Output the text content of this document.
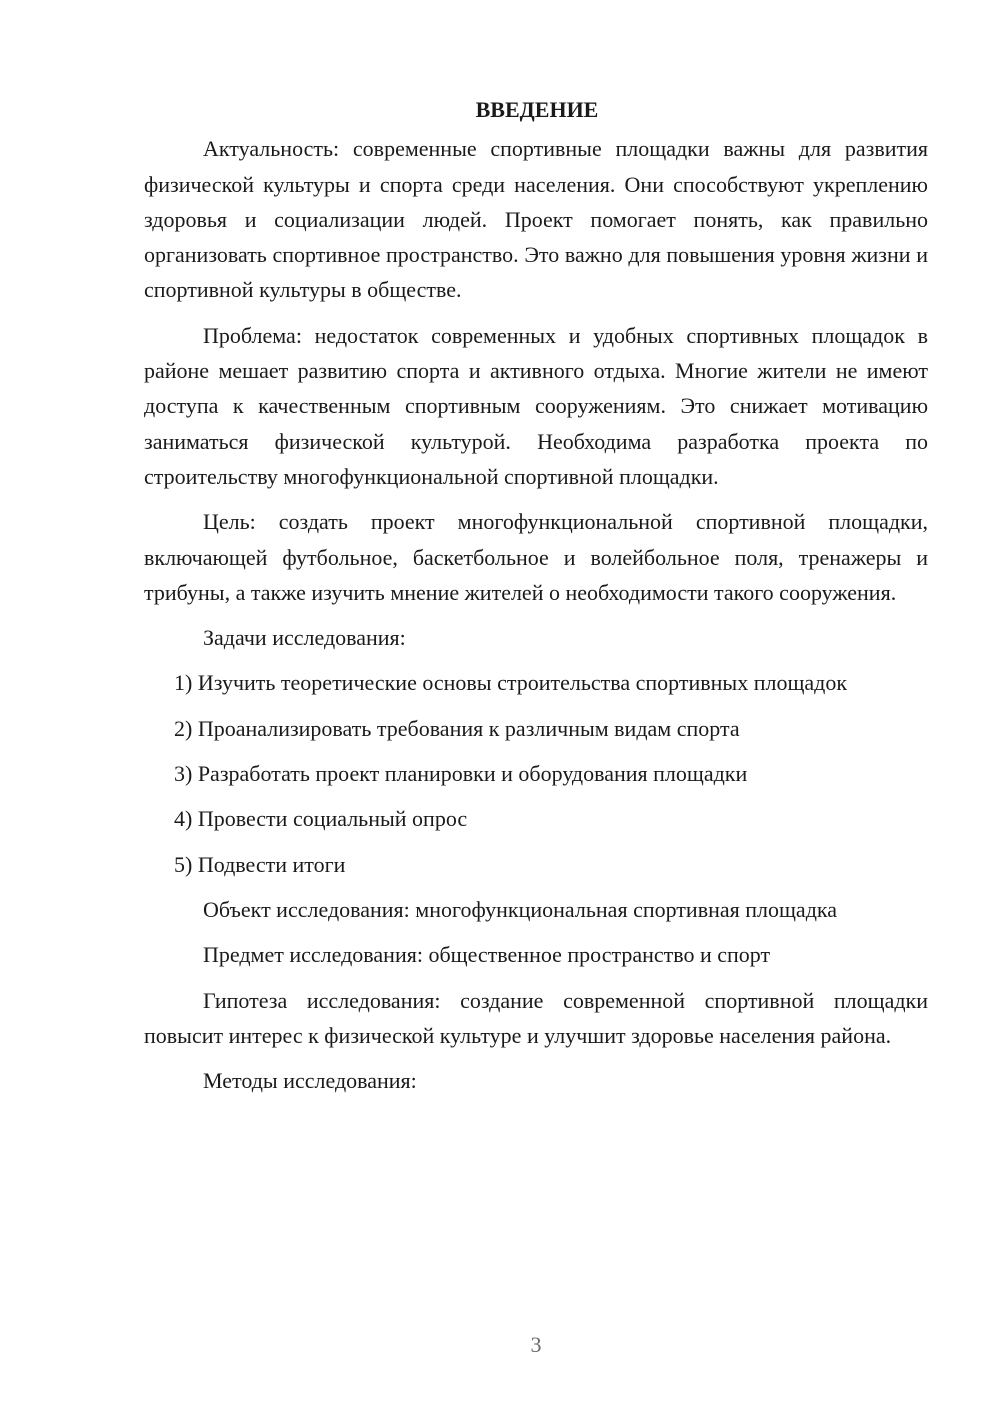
ВВЕДЕНИЕ

Актуальность: современные спортивные площадки важны для развития физической культуры и спорта среди населения. Они способствуют укреплению здоровья и социализации людей. Проект помогает понять, как правильно организовать спортивное пространство. Это важно для повышения уровня жизни и спортивной культуры в обществе.

Проблема: недостаток современных и удобных спортивных площадок в районе мешает развитию спорта и активного отдыха. Многие жители не имеют доступа к качественным спортивным сооружениям. Это снижает мотивацию заниматься физической культурой. Необходима разработка проекта по строительству многофункциональной спортивной площадки.

Цель: создать проект многофункциональной спортивной площадки, включающей футбольное, баскетбольное и волейбольное поля, тренажеры и трибуны, а также изучить мнение жителей о необходимости такого сооружения.

Задачи исследования:

1) Изучить теоретические основы строительства спортивных площадок

2) Проанализировать требования к различным видам спорта

3) Разработать проект планировки и оборудования площадки

4) Провести социальный опрос

5) Подвести итоги

Объект исследования: многофункциональная спортивная площадка

Предмет исследования: общественное пространство и спорт

Гипотеза исследования: создание современной спортивной площадки повысит интерес к физической культуре и улучшит здоровье населения района.

Методы исследования:

3
